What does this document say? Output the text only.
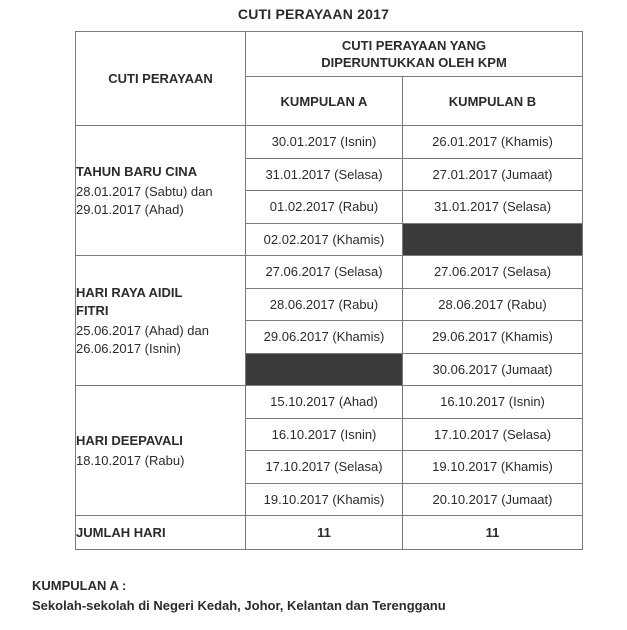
CUTI PERAYAAN 2017
CUTI PERAYAAN	CUTI PERAYAAN YANG
DIPERUNTUKKAN OLEH KPM	
	KUMPULAN A	KUMPULAN B

TAHUN BARU CINA
28.01.2017 (Sabtu) dan
29.01.2017 (Ahad)	30.01.2017 (Isnin)	26.01.2017 (Khamis)
	31.01.2017 (Selasa)	27.01.2017 (Jumaat)
	01.02.2017 (Rabu)	31.01.2017 (Selasa)
	02.02.2017 (Khamis)	

HARI RAYA AIDIL
FITRI
25.06.2017 (Ahad) dan
26.06.2017 (Isnin)	27.06.2017 (Selasa)	27.06.2017 (Selasa)
	28.06.2017 (Rabu)	28.06.2017 (Rabu)
	29.06.2017 (Khamis)	29.06.2017 (Khamis)
		30.06.2017 (Jumaat)

HARI DEEPAVALI
18.10.2017 (Rabu)	15.10.2017 (Ahad)	16.10.2017 (Isnin)
	16.10.2017 (Isnin)	17.10.2017 (Selasa)
	17.10.2017 (Selasa)	19.10.2017 (Khamis)
	19.10.2017 (Khamis)	20.10.2017 (Jumaat)
JUMLAH HARI	11	11
KUMPULAN A :
Sekolah-sekolah di Negeri Kedah, Johor, Kelantan dan Terengganu
